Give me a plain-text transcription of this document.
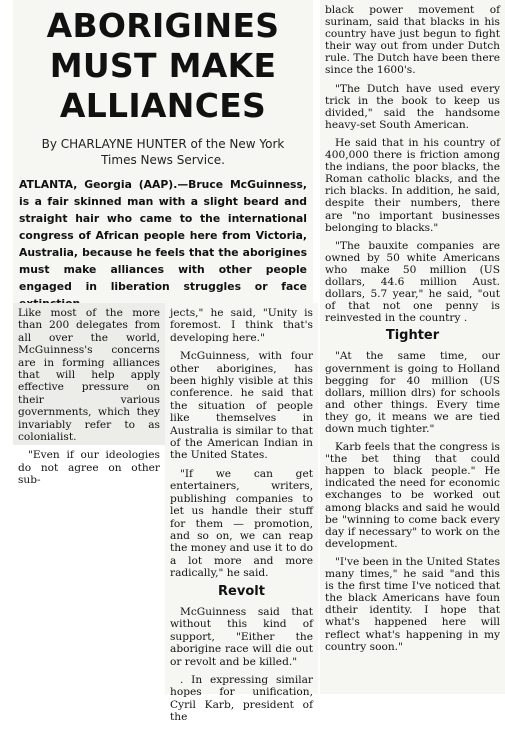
ABORIGINES
MUST MAKE
ALLIANCES
By CHARLAYNE HUNTER of the New York
Times News Service.

ATLANTA, Georgia (AAP).—Bruce McGuinness, is a fair skinned man with a slight beard and straight hair who came to the international congress of African people here from Victoria, Australia, because he feels that the aborigines must make alliances with other people engaged in liberation struggles or face

Like most of the more than 200 delegates from all over the world, McGuinness's concerns are in forming alliances that will help apply effective pressure on their various governments, which they invariably refer to as colonialist.

"Even if our ideologies do not agree on other sub-

jects," he said, "Unity is foremost. I think that's developing here."

McGuinness, with four other aborigines, has been highly visible at this conference. he said that the situation of people like themselves in Australia is similar to that of the American Indian in the United States.

"If we can get entertainers, writers, publishing companies to let us handle their stuff for them — promotion, and so on, we can reap the money and use it to do a lot more and more radically," he said.

Revolt

McGuinness said that without this kind of support, "Either the aborigine race will die out or revolt and be killed."

. In expressing similar hopes for unification, Cyril Karb, president of the

black power movement of surinam, said that blacks in his country have just begun to fight their way out from under Dutch rule. The Dutch have been there since the 1600's.

"The Dutch have used every trick in the book to keep us divided," said the handsome heavy-set South American.

He said that in his country of 400,000 there is friction among the indians, the poor blacks, the Roman catholic blacks, and the rich blacks. In addition, he said, despite their numbers, there are "no important businesses belonging to blacks."

"The bauxite companies are owned by 50 white Americans who make 50 million (US dollars, 44.6 million Aust. dollars, 5.7 year," he said, "out of that not one penny is reinvested in the country .

Tighter

"At the same time, our government is going to Holland begging for 40 million (US dollars, million dlrs) for schools and other things. Every time they go, it means we are tied down much tighter."

Karb feels that the congress is "the bet thing that could happen to black people." He indicated the need for economic exchanges to be worked out among blacks and said he would be "winning to come back every day if necessary" to work on the development.

"I've been in the United States many times," he said "and this is the first time I've noticed that the black Americans have foun dtheir identity. I hope that what's happened here will reflect what's happening in my country soon."
